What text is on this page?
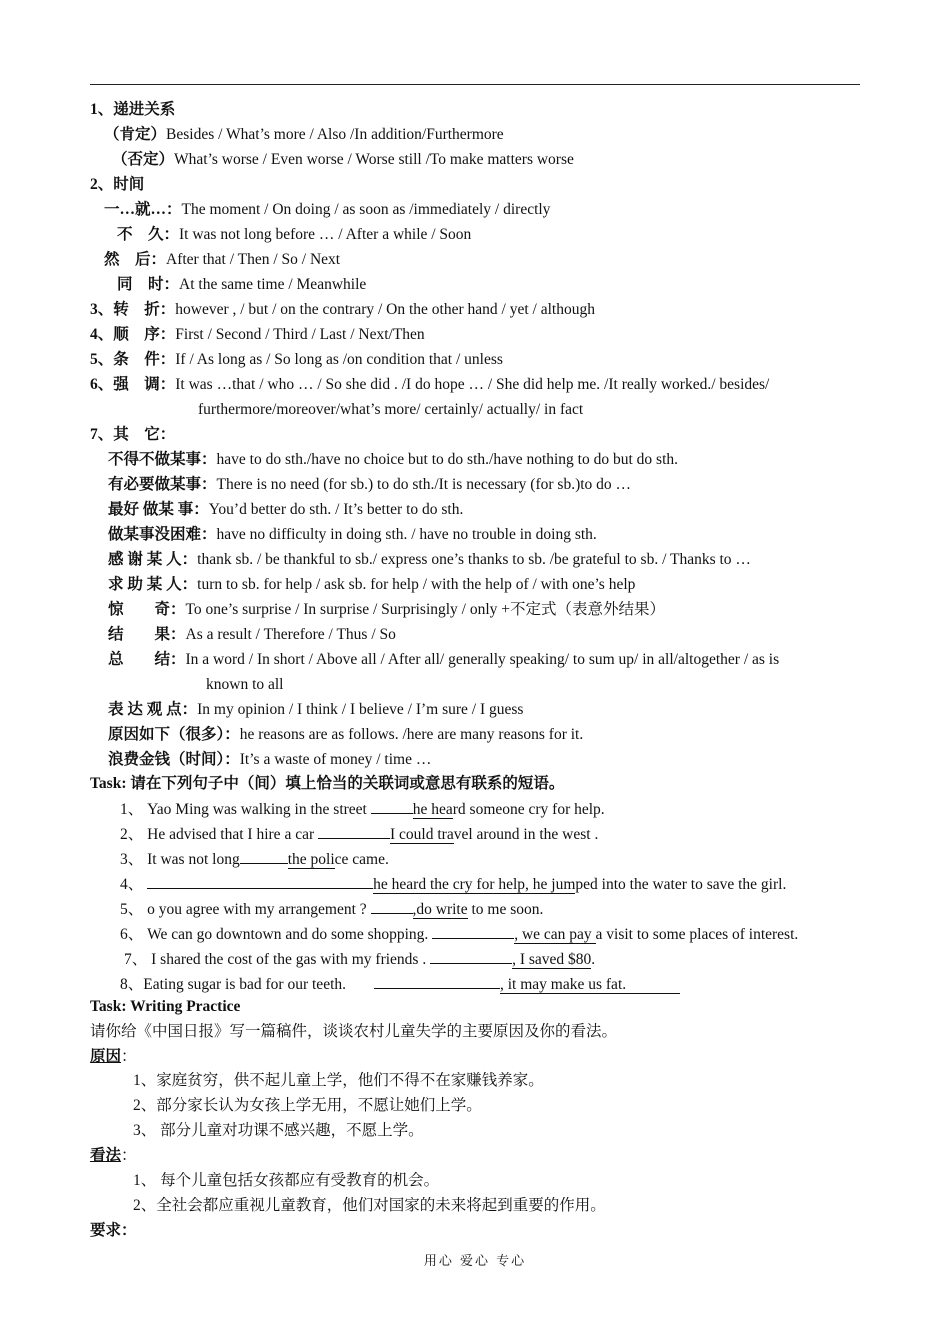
1、递进关系
（肯定）Besides / What’s more / Also /In addition/Furthermore
（否定）What’s worse / Even worse / Worse still /To make matters worse
2、时间
一…就…：The moment / On doing / as soon as /immediately / directly
不　久：It was not long before … / After a while / Soon
然　后：After that / Then / So / Next
同　时：At the same time / Meanwhile
3、转　折：however , / but / on the contrary / On the other hand / yet / although
4、顺　序：First / Second / Third / Last / Next/Then
5、条　件：If / As long as / So long as /on condition that / unless
6、强　调：It was …that / who … / So she did . /I do hope … / She did help me. /It really worked./ besides/
furthermore/moreover/what’s more/ certainly/ actually/ in fact
7、其　它：
不得不做某事：have to do sth./have no choice but to do sth./have nothing to do but do sth.
有必要做某事：There is no need (for sb.) to do sth./It is necessary (for sb.)to do …
最好 做某 事：You’d better do sth. / It’s better to do sth.
做某事没困难：have no difficulty in doing sth. / have no trouble in doing sth.
感 谢 某 人：thank sb. / be thankful to sb./ express one’s thanks to sb. /be grateful to sb. / Thanks to …
求 助 某 人：turn to sb. for help / ask sb. for help / with the help of / with one’s help
惊　　奇：To one’s surprise / In surprise / Surprisingly / only +不定式（表意外结果）
结　　果：As a result / Therefore / Thus / So
总　　结：In a word / In short / Above all / After all/ generally speaking/ to sum up/ in all/altogether / as is
known to all
表 达 观 点：In my opinion / I think / I believe / I’m sure / I guess
原因如下（很多）：he reasons are as follows. /here are many reasons for it.
浪费金钱（时间）：It’s a waste of money / time …
Task: 请在下列句子中（间）填上恰当的关联词或意思有联系的短语。
1、 Yao Ming was walking in the street	he heard someone cry for help.
2、 He advised that I hire a car	I could travel around in the west .
3、 It was not long	the police came.
4、	he heard the cry for help, he jumped into the water to save the girl.
5、 o you agree with my arrangement ?	,do write to me soon.
6、 We can go downtown and do some shopping.	, we can pay a visit to some places of interest.
7、 I shared the cost of the gas with my friends .	, I saved $80.
8、Eating sugar is bad for our teeth.	, it may make us fat.
Task: Writing Practice
请你给《中国日报》写一篇稿件，谈谈农村儿童失学的主要原因及你的看法。
原因：
1、家庭贫穷，供不起儿童上学，他们不得不在家赚钱养家。
2、部分家长认为女孩上学无用，不愿让她们上学。
3、 部分儿童对功课不感兴趣，不愿上学。
看法：
1、 每个儿童包括女孩都应有受教育的机会。
2、全社会都应重视儿童教育，他们对国家的未来将起到重要的作用。
要求：
用心 爱心 专心
